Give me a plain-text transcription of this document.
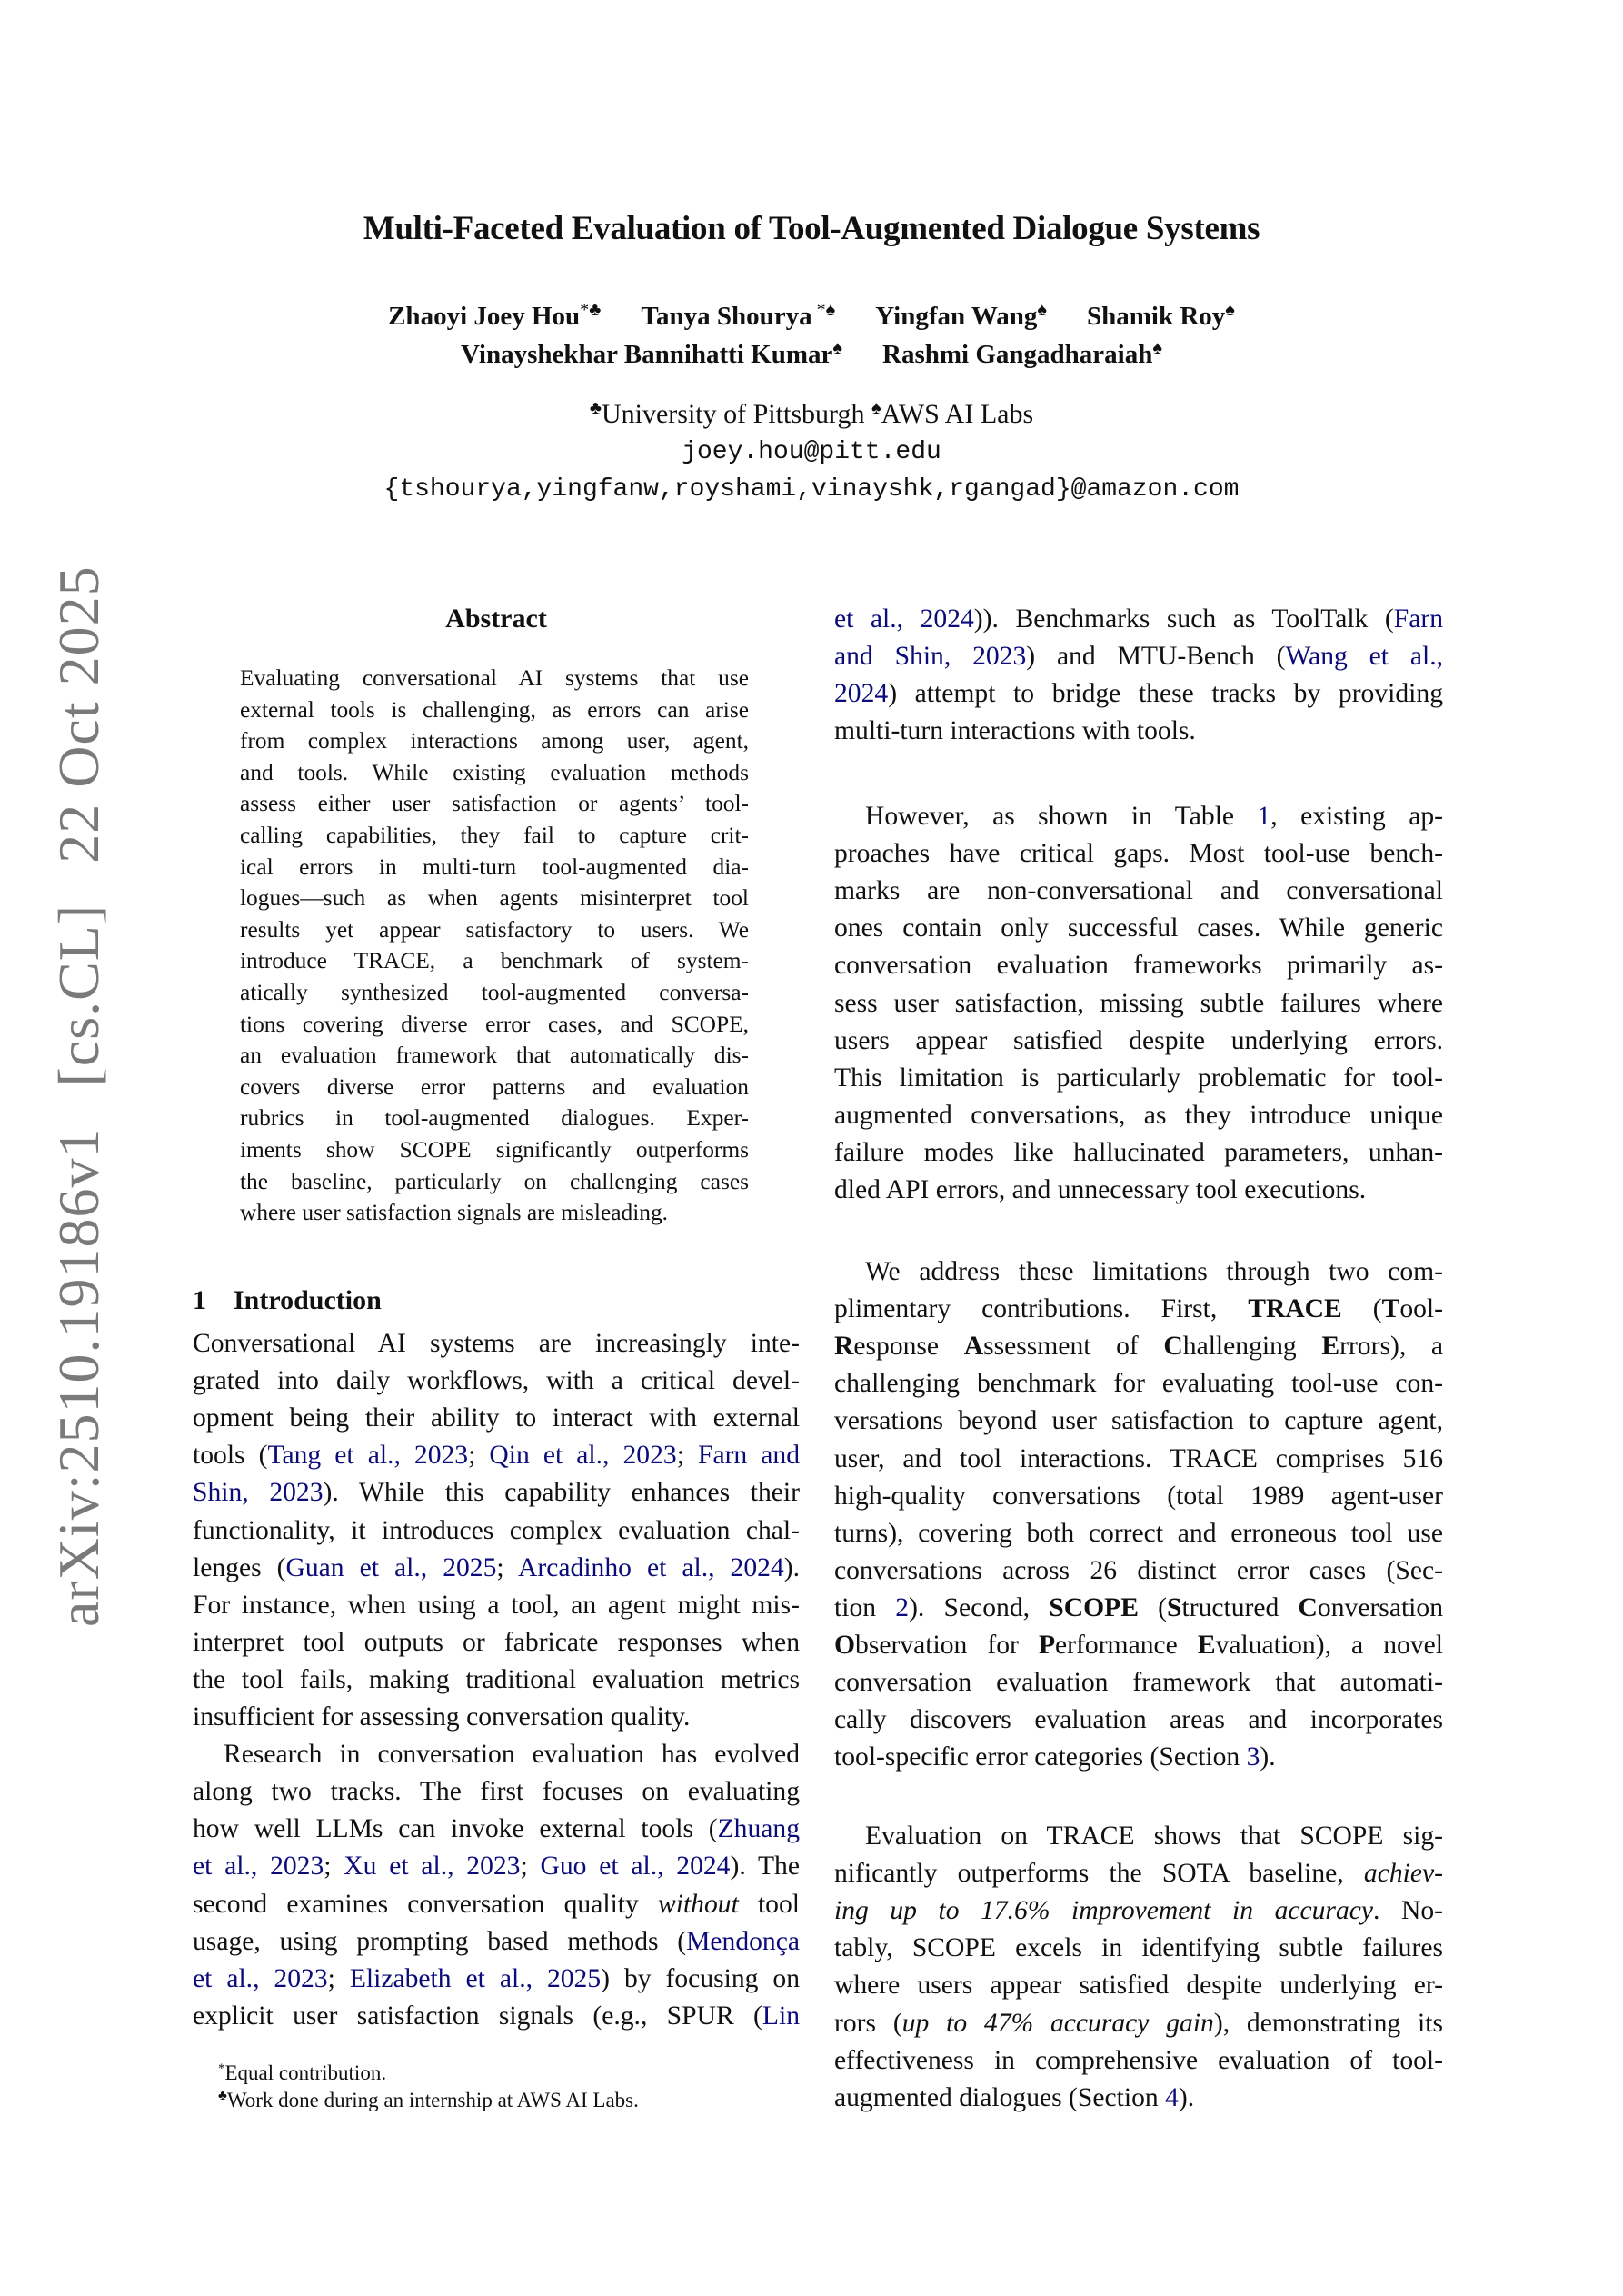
arXiv:2510.19186v1 [cs.CL] 22 Oct 2025
Multi-Faceted Evaluation of Tool-Augmented Dialogue Systems
Zhaoyi Joey Hou*♣ Tanya Shourya *♠ Yingfan Wang♠ Shamik Roy♠
Vinayshekhar Bannihatti Kumar♠ Rashmi Gangadharaiah♠
♣University of Pittsburgh ♠AWS AI Labs
joey.hou@pitt.edu
{tshourya,yingfanw,royshami,vinayshk,rgangad}@amazon.com
Abstract
Evaluating conversational AI systems that use
external tools is challenging, as errors can arise
from complex interactions among user, agent,
and tools. While existing evaluation methods
assess either user satisfaction or agents’ tool-
calling capabilities, they fail to capture crit-
ical errors in multi-turn tool-augmented dia-
logues—such as when agents misinterpret tool
results yet appear satisfactory to users. We
introduce TRACE, a benchmark of system-
atically synthesized tool-augmented conversa-
tions covering diverse error cases, and SCOPE,
an evaluation framework that automatically dis-
covers diverse error patterns and evaluation
rubrics in tool-augmented dialogues. Exper-
iments show SCOPE significantly outperforms
the baseline, particularly on challenging cases
where user satisfaction signals are misleading.
1 Introduction
Conversational AI systems are increasingly inte-
grated into daily workflows, with a critical devel-
opment being their ability to interact with external
tools (Tang et al., 2023; Qin et al., 2023; Farn and
Shin, 2023). While this capability enhances their
functionality, it introduces complex evaluation chal-
lenges (Guan et al., 2025; Arcadinho et al., 2024).
For instance, when using a tool, an agent might mis-
interpret tool outputs or fabricate responses when
the tool fails, making traditional evaluation metrics
insufficient for assessing conversation quality.
Research in conversation evaluation has evolved
along two tracks. The first focuses on evaluating
how well LLMs can invoke external tools (Zhuang
et al., 2023; Xu et al., 2023; Guo et al., 2024). The
second examines conversation quality without tool
usage, using prompting based methods (Mendonça
et al., 2023; Elizabeth et al., 2025) by focusing on
explicit user satisfaction signals (e.g., SPUR (Lin
*Equal contribution.
♣Work done during an internship at AWS AI Labs.
et al., 2024)). Benchmarks such as ToolTalk (Farn
and Shin, 2023) and MTU-Bench (Wang et al.,
2024) attempt to bridge these tracks by providing
multi-turn interactions with tools.
However, as shown in Table 1, existing ap-
proaches have critical gaps. Most tool-use bench-
marks are non-conversational and conversational
ones contain only successful cases. While generic
conversation evaluation frameworks primarily as-
sess user satisfaction, missing subtle failures where
users appear satisfied despite underlying errors.
This limitation is particularly problematic for tool-
augmented conversations, as they introduce unique
failure modes like hallucinated parameters, unhan-
dled API errors, and unnecessary tool executions.
We address these limitations through two com-
plimentary contributions. First, TRACE (Tool-
Response Assessment of Challenging Errors), a
challenging benchmark for evaluating tool-use con-
versations beyond user satisfaction to capture agent,
user, and tool interactions. TRACE comprises 516
high-quality conversations (total 1989 agent-user
turns), covering both correct and erroneous tool use
conversations across 26 distinct error cases (Sec-
tion 2). Second, SCOPE (Structured Conversation
Observation for Performance Evaluation), a novel
conversation evaluation framework that automati-
cally discovers evaluation areas and incorporates
tool-specific error categories (Section 3).
Evaluation on TRACE shows that SCOPE sig-
nificantly outperforms the SOTA baseline, achiev-
ing up to 17.6% improvement in accuracy. No-
tably, SCOPE excels in identifying subtle failures
where users appear satisfied despite underlying er-
rors (up to 47% accuracy gain), demonstrating its
effectiveness in comprehensive evaluation of tool-
augmented dialogues (Section 4).
